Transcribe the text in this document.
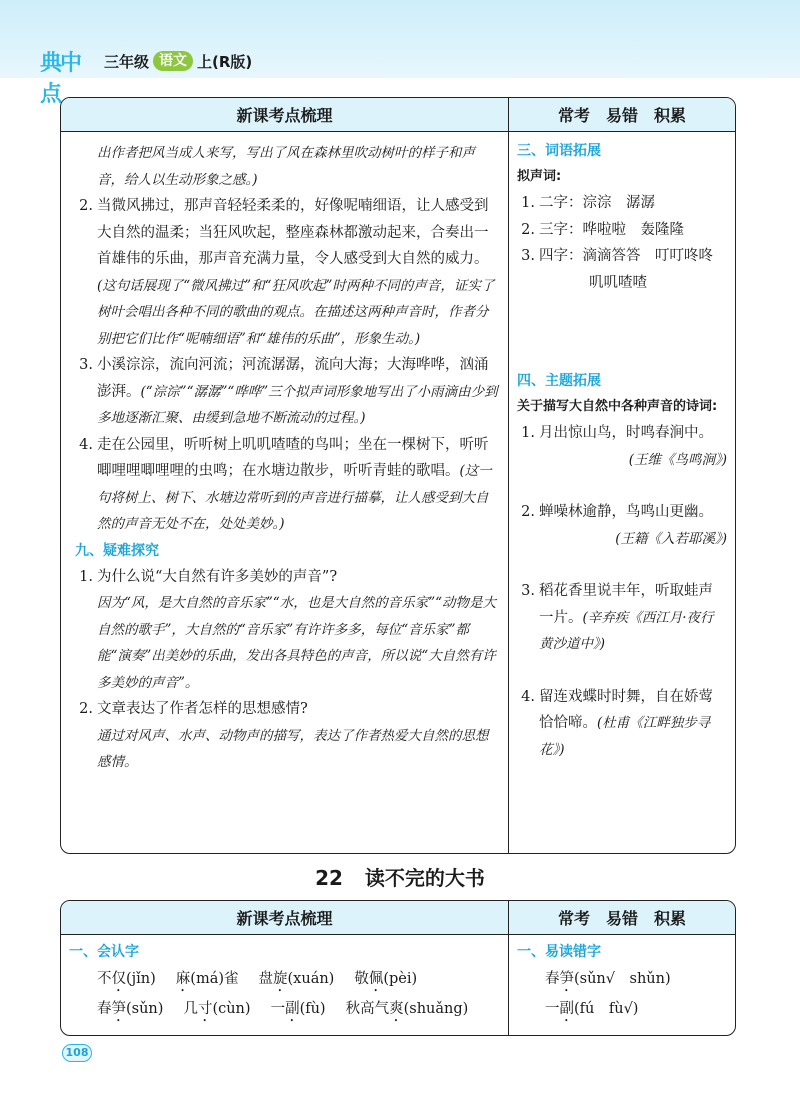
典中点
三年级 语文 上(R版)
新课考点梳理	常考　易错　积累
出作者把风当成人来写，写出了风在森林里吹动树叶的样子和声音，给人以生动形象之感。)
2. 当微风拂过，那声音轻轻柔柔的，好像呢喃细语，让人感受到大自然的温柔；当狂风吹起，整座森林都激动起来，合奏出一首雄伟的乐曲，那声音充满力量，令人感受到大自然的威力。(这句话展现了“微风拂过”和“狂风吹起”时两种不同的声音，证实了树叶会唱出各种不同的歌曲的观点。在描述这两种声音时，作者分别把它们比作“呢喃细语”和“雄伟的乐曲”，形象生动。)
3. 小溪淙淙，流向河流；河流潺潺，流向大海；大海哗哗，汹涌澎湃。(“淙淙”“潺潺”“哗哗”三个拟声词形象地写出了小雨滴由少到多地逐渐汇聚、由缓到急地不断流动的过程。)
4. 走在公园里，听听树上叽叽喳喳的鸟叫；坐在一棵树下，听听唧哩哩唧哩哩的虫鸣；在水塘边散步，听听青蛙的歌唱。(这一句将树上、树下、水塘边常听到的声音进行描摹，让人感受到大自然的声音无处不在，处处美妙。)
九、疑难探究
1. 为什么说“大自然有许多美妙的声音”?
因为“风，是大自然的音乐家”“水，也是大自然的音乐家”“动物是大自然的歌手”，大自然的“音乐家”有许许多多，每位“音乐家”都能“演奏”出美妙的乐曲，发出各具特色的声音，所以说“大自然有许多美妙的声音”。
2. 文章表达了作者怎样的思想感情?
通过对风声、水声、动物声的描写，表达了作者热爱大自然的思想感情。
三、词语拓展
拟声词:
1. 二字：淙淙　潺潺
2. 三字：哗啦啦　轰隆隆
3. 四字：滴滴答答　叮叮咚咚
叽叽喳喳
四、主题拓展
关于描写大自然中各种声音的诗词:
1. 月出惊山鸟，时鸣春涧中。
(王维《鸟鸣涧》)
2. 蝉噪林逾静，鸟鸣山更幽。
(王籍《入若耶溪》)
3. 稻花香里说丰年，听取蛙声一片。(辛弃疾《西江月·夜行黄沙道中》)
4. 留连戏蝶时时舞，自在娇莺恰恰啼。(杜甫《江畔独步寻花》)
22 读不完的大书
新课考点梳理	常考　易错　积累
一、会认字
不仅(jǐn) 麻(má)雀 盘旋(xuán) 敬佩(pèi)
春笋(sǔn) 几寸(cùn) 一副(fù) 秋高气爽(shuǎng)
一、易读错字
春笋(sǔn√　shǔn)
一副(fú　fù√)
108
